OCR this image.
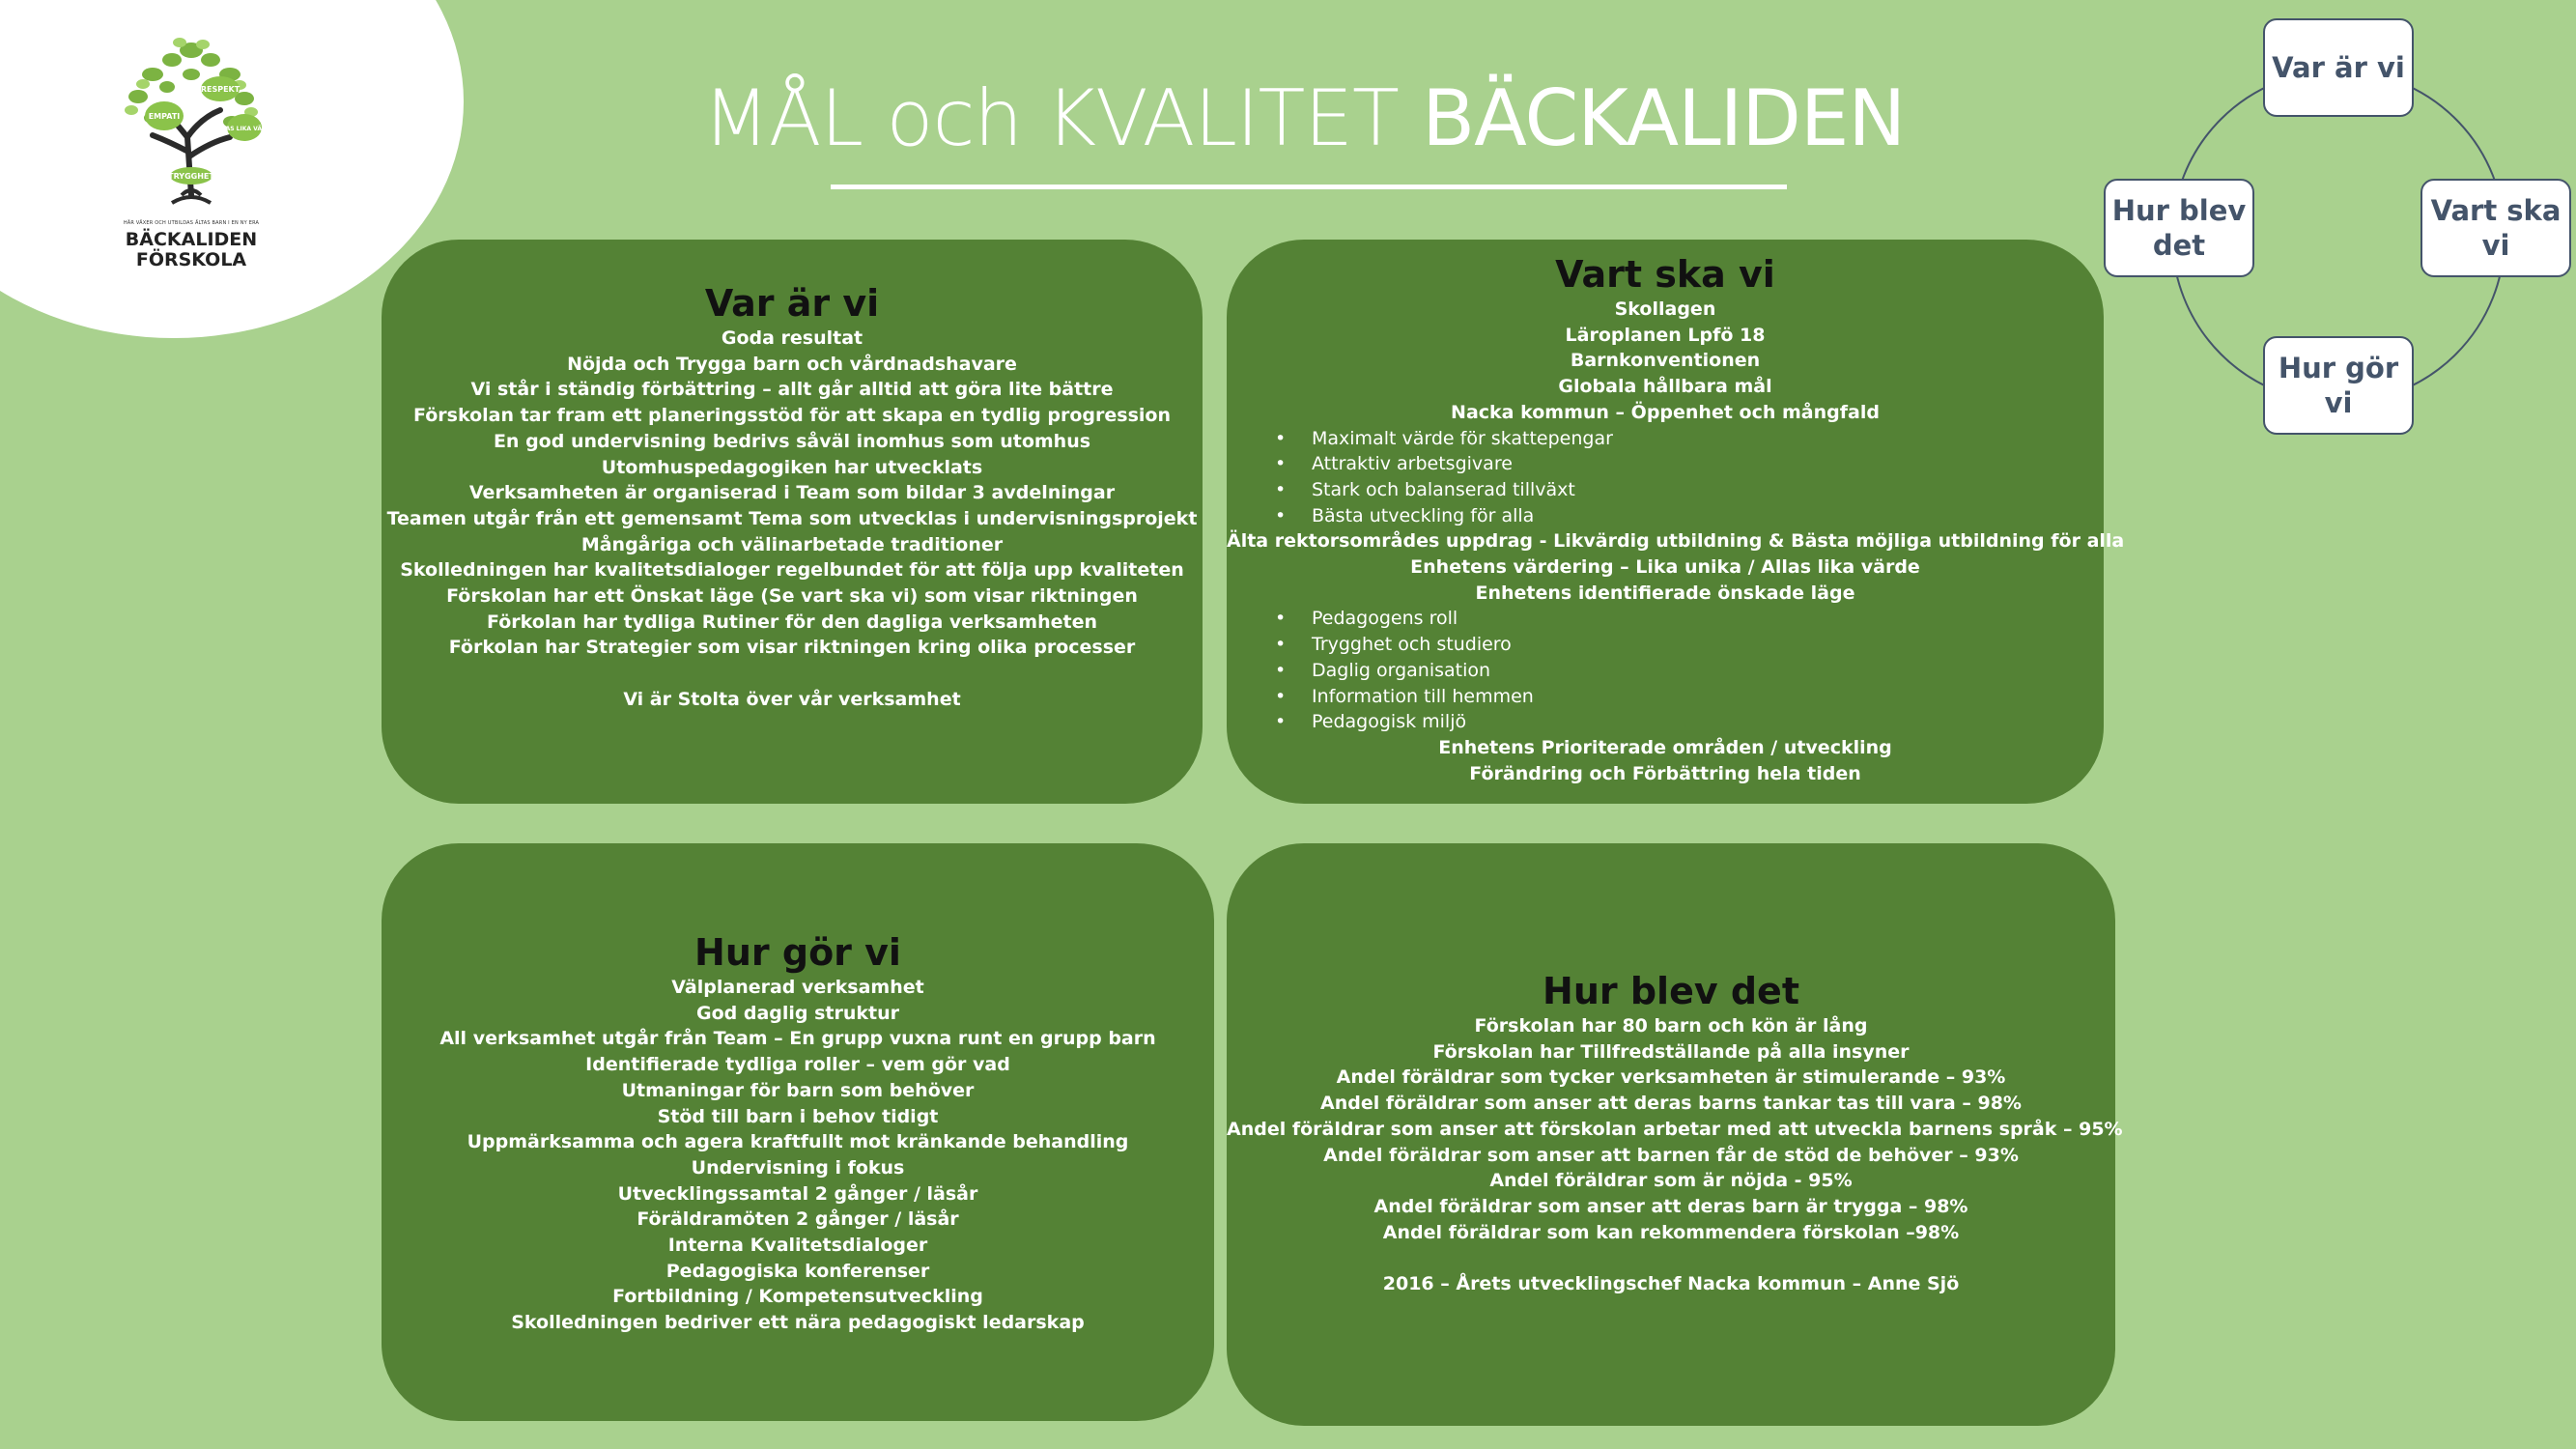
EMPATI
RESPEKT
ALLAS LIKA VÄRDE
TRYGGHET
HÄR VÄXER OCH UTBILDAS ÄLTAS BARN I EN NY ERA
BÄCKALIDEN
FÖRSKOLA
MÅL och KVALITET BÄCKALIDEN
Var är vi
Goda resultat
Nöjda och Trygga barn och vårdnadshavare
Vi står i ständig förbättring – allt går alltid att göra lite bättre
Förskolan tar fram ett planeringsstöd för att skapa en tydlig progression
En god undervisning bedrivs såväl inomhus som utomhus
Utomhuspedagogiken har utvecklats
Verksamheten är organiserad i Team som bildar 3 avdelningar
Teamen utgår från ett gemensamt Tema som utvecklas i undervisningsprojekt
Mångåriga och välinarbetade traditioner
Skolledningen har kvalitetsdialoger regelbundet för att följa upp kvaliteten
Förskolan har ett Önskat läge (Se vart ska vi) som visar riktningen
Förkolan har tydliga Rutiner för den dagliga verksamheten
Förkolan har Strategier som visar riktningen kring olika processer

Vi är Stolta över vår verksamhet
Vart ska vi
Skollagen
Läroplanen Lpfö 18
Barnkonventionen
Globala hållbara mål
Nacka kommun – Öppenhet och mångfald
• Maximalt värde för skattepengar
• Attraktiv arbetsgivare
• Stark och balanserad tillväxt
• Bästa utveckling för alla
Älta rektorsområdes uppdrag - Likvärdig utbildning & Bästa möjliga utbildning för alla
Enhetens värdering – Lika unika / Allas lika värde
Enhetens identifierade önskade läge
• Pedagogens roll
• Trygghet och studiero
• Daglig organisation
• Information till hemmen
• Pedagogisk miljö
Enhetens Prioriterade områden / utveckling
Förändring och Förbättring hela tiden
Hur gör vi
Välplanerad verksamhet
God daglig struktur
All verksamhet utgår från Team – En grupp vuxna runt en grupp barn
Identifierade tydliga roller – vem gör vad
Utmaningar för barn som behöver
Stöd till barn i behov tidigt
Uppmärksamma och agera kraftfullt mot kränkande behandling
Undervisning i fokus
Utvecklingssamtal 2 gånger / läsår
Föräldramöten 2 gånger / läsår
Interna Kvalitetsdialoger
Pedagogiska konferenser
Fortbildning / Kompetensutveckling
Skolledningen bedriver ett nära pedagogiskt ledarskap
Hur blev det
Förskolan har 80 barn och kön är lång
Förskolan har Tillfredställande på alla insyner
Andel föräldrar som tycker verksamheten är stimulerande – 93%
Andel föräldrar som anser att deras barns tankar tas till vara – 98%
Andel föräldrar som anser att förskolan arbetar med att utveckla barnens språk – 95%
Andel föräldrar som anser att barnen får de stöd de behöver – 93%
Andel föräldrar som är nöjda - 95%
Andel föräldrar som anser att deras barn är trygga – 98%
Andel föräldrar som kan rekommendera förskolan –98%

2016 – Årets utvecklingschef Nacka kommun – Anne Sjö
Var är vi
Vart ska vi
Hur gör vi
Hur blev det
